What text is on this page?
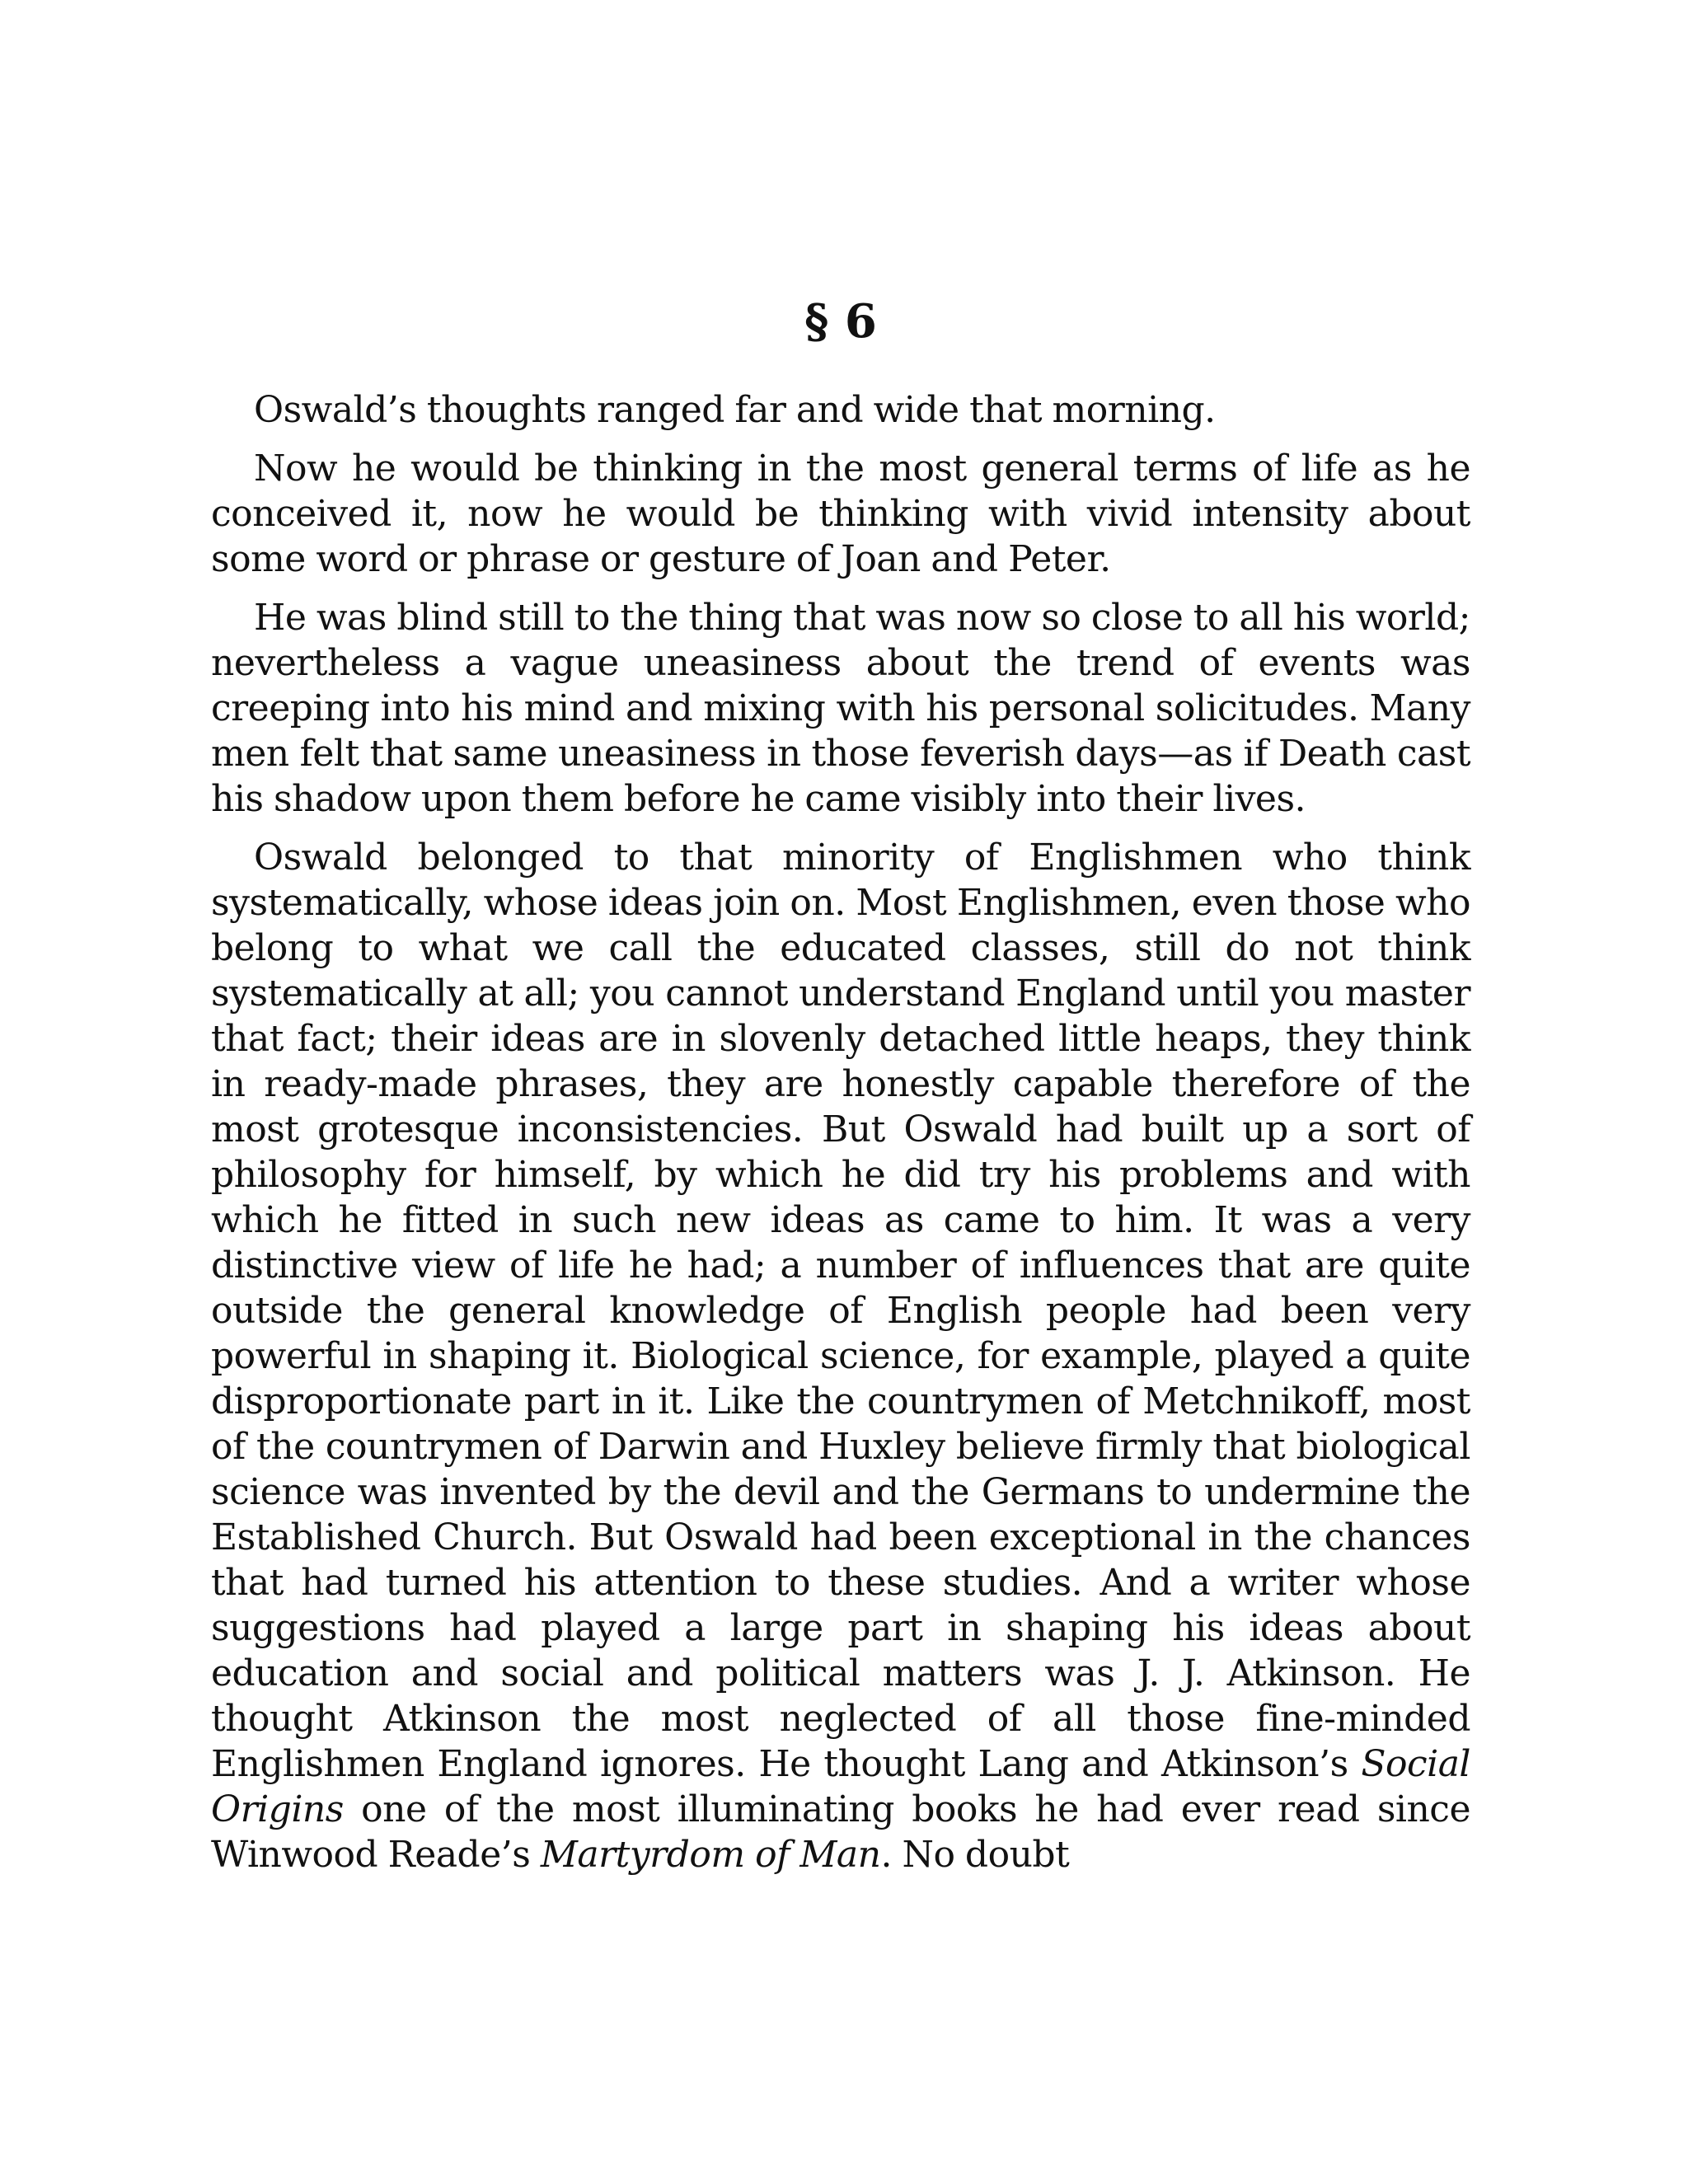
§ 6

Oswald’s thoughts ranged far and wide that morning.

Now he would be thinking in the most general terms of life as he conceived it, now he would be thinking with vivid intensity about some word or phrase or gesture of Joan and Peter.

He was blind still to the thing that was now so close to all his world; nevertheless a vague uneasiness about the trend of events was creeping into his mind and mixing with his personal solicitudes. Many men felt that same uneasiness in those feverish days—as if Death cast his shadow upon them before he came visibly into their lives.

Oswald belonged to that minority of Englishmen who think systematically, whose ideas join on. Most Englishmen, even those who belong to what we call the educated classes, still do not think systematically at all; you cannot understand England until you master that fact; their ideas are in slovenly detached little heaps, they think in ready-made phrases, they are honestly capable therefore of the most grotesque inconsistencies. But Oswald had built up a sort of philosophy for himself, by which he did try his problems and with which he fitted in such new ideas as came to him. It was a very distinctive view of life he had; a number of influences that are quite outside the general knowledge of English people had been very powerful in shaping it. Biological science, for example, played a quite disproportionate part in it. Like the countrymen of Metchnikoff, most of the countrymen of Darwin and Huxley believe firmly that biological science was invented by the devil and the Germans to undermine the Established Church. But Oswald had been exceptional in the chances that had turned his attention to these studies. And a writer whose suggestions had played a large part in shaping his ideas about education and social and political matters was J. J. Atkinson. He thought Atkinson the most neglected of all those fine-minded Englishmen England ignores. He thought Lang and Atkinson’s Social Origins one of the most illuminating books he had ever read since Winwood Reade’s Martyrdom of Man. No doubt
